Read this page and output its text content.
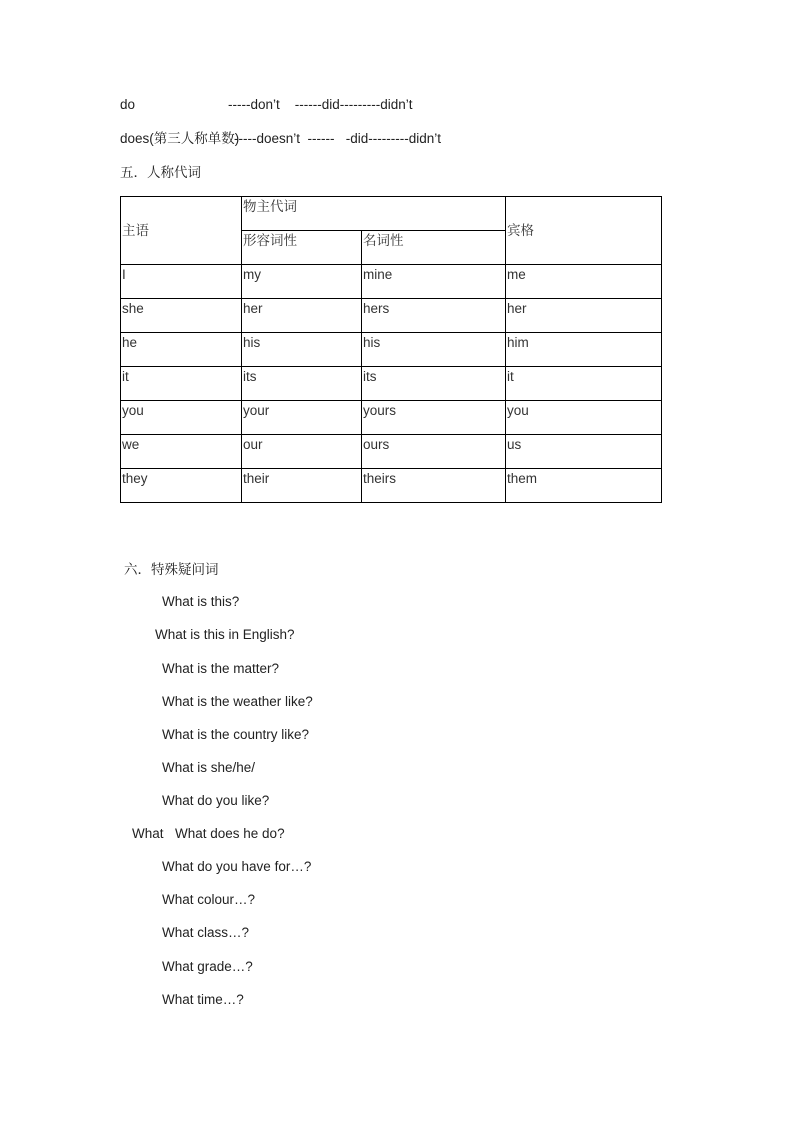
do	-----don’t    ------did---------didn’t
does(第三人称单数)
-----doesn’t  ------   -did---------didn’t
五．人称代词
主语	物主代词		宾格
	形容词性	名词性	
I	my	mine	me
she	her	hers	her
he	his	his	him
it	its	its	it
you	your	yours	you
we	our	ours	us
they	their	theirs	them
六．特殊疑问词
What is this?
What is this in English?
What is the matter?
What is the weather like?
What is the country like?
What is she/he/
What do you like?
What What does he do?
What do you have for…?
What colour…?
What class…?
What grade…?
What time…?
